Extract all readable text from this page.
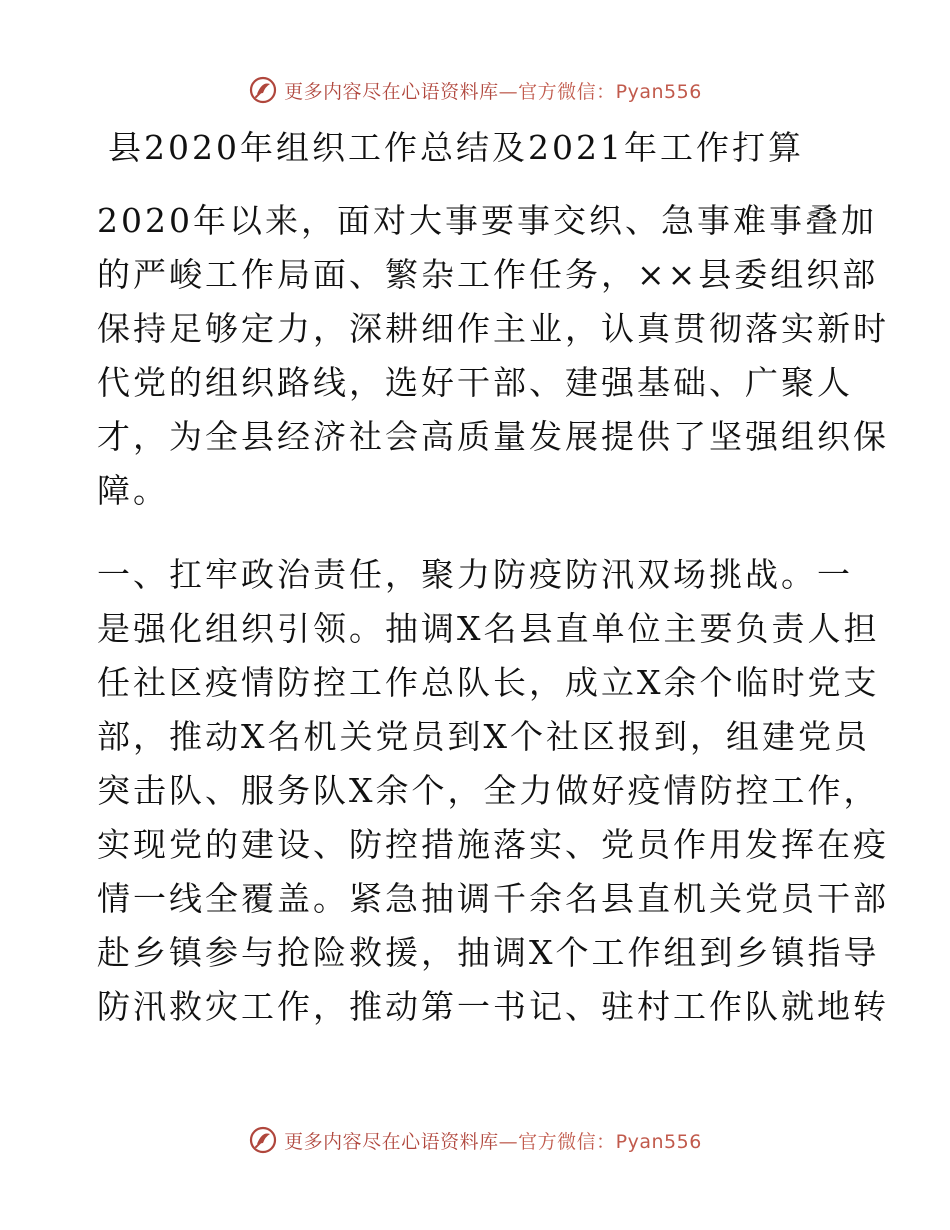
更多内容尽在心语资料库—官方微信：Pyan556
县2020年组织工作总结及2021年工作打算
2020年以来，面对大事要事交织、急事难事叠加
的严峻工作局面、繁杂工作任务，××县委组织部
保持足够定力，深耕细作主业，认真贯彻落实新时
代党的组织路线，选好干部、建强基础、广聚人
才，为全县经济社会高质量发展提供了坚强组织保
障。
一、扛牢政治责任，聚力防疫防汛双场挑战。一
是强化组织引领。抽调X名县直单位主要负责人担
任社区疫情防控工作总队长，成立X余个临时党支
部，推动X名机关党员到X个社区报到，组建党员
突击队、服务队X余个，全力做好疫情防控工作，
实现党的建设、防控措施落实、党员作用发挥在疫
情一线全覆盖。紧急抽调千余名县直机关党员干部
赴乡镇参与抢险救援，抽调X个工作组到乡镇指导
防汛救灾工作，推动第一书记、驻村工作队就地转
更多内容尽在心语资料库—官方微信：Pyan556
